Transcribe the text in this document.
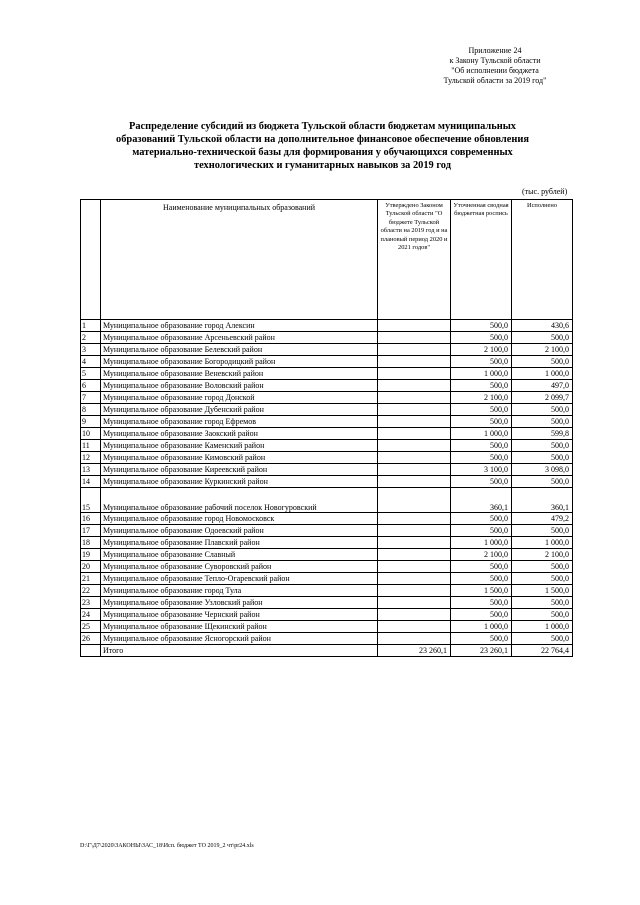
Приложение 24
к Закону Тульской области
"Об исполнении бюджета
Тульской области за 2019 год"
Распределение субсидий из бюджета Тульской области бюджетам муниципальных
образований Тульской области на дополнительное финансовое обеспечение обновления
материально-технической базы для формирования у обучающихся современных
технологических и гуманитарных навыков за 2019 год
(тыс. рублей)
	Наименование муниципальных образований	Утверждено Законом Тульской области "О бюджете Тульской области на 2019 год и на плановый период 2020 и 2021 годов"	Уточненная сводная бюджетная роспись	Исполнено
1	Муниципальное образование город Алексин		500,0	430,6
2	Муниципальное образование Арсеньевский район		500,0	500,0
3	Муниципальное образование Белевский район		2 100,0	2 100,0
4	Муниципальное образование Богородицкий район		500,0	500,0
5	Муниципальное образование Веневский район		1 000,0	1 000,0
6	Муниципальное образование Воловский район		500,0	497,0
7	Муниципальное образование город Донской		2 100,0	2 099,7
8	Муниципальное образование Дубенский район		500,0	500,0
9	Муниципальное образование город Ефремов		500,0	500,0
10	Муниципальное образование Заокский район		1 000,0	599,8
11	Муниципальное образование Каменский район		500,0	500,0
12	Муниципальное образование Кимовский район		500,0	500,0
13	Муниципальное образование Киреевский район		3 100,0	3 098,0
14	Муниципальное образование Куркинский район		500,0	500,0
15	Муниципальное образование рабочий поселок Новогуровский		360,1	360,1
16	Муниципальное образование город Новомосковск		500,0	479,2
17	Муниципальное образование Одоевский район		500,0	500,0
18	Муниципальное образование Плавский район		1 000,0	1 000,0
19	Муниципальное образование Славный		2 100,0	2 100,0
20	Муниципальное образование Суворовский район		500,0	500,0
21	Муниципальное образование Тепло-Огаревский район		500,0	500,0
22	Муниципальное образование город Тула		1 500,0	1 500,0
23	Муниципальное образование Узловский район		500,0	500,0
24	Муниципальное образование Чернский район		500,0	500,0
25	Муниципальное образование Щекинский район		1 000,0	1 000,0
26	Муниципальное образование Ясногорский район		500,0	500,0
	Итого	23 260,1	23 260,1	22 764,4
D:\Г\Д7\2020\ЗАКОНЫ\ЗАС_18\Исп. бюджет ТО 2019_2 чт\pr24.xls
